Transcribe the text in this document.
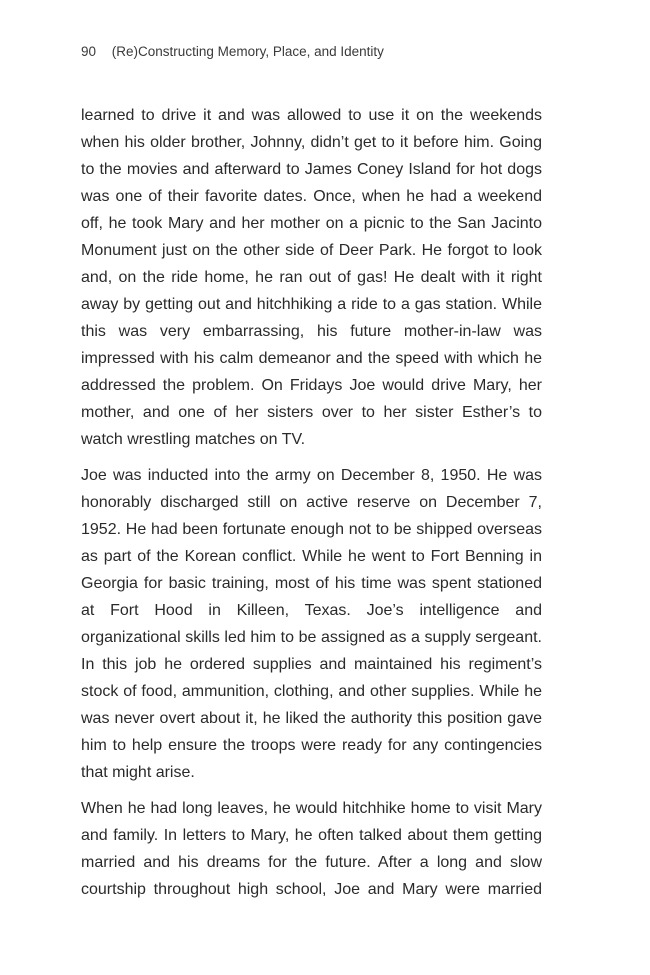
90 (Re)Constructing Memory, Place, and Identity

learned to drive it and was allowed to use it on the weekends when his older brother, Johnny, didn’t get to it before him. Going to the movies and afterward to James Coney Island for hot dogs was one of their favorite dates. Once, when he had a weekend off, he took Mary and her mother on a picnic to the San Jacinto Monument just on the other side of Deer Park. He forgot to look and, on the ride home, he ran out of gas! He dealt with it right away by getting out and hitchhiking a ride to a gas station. While this was very embarrassing, his future mother-in-law was impressed with his calm demeanor and the speed with which he addressed the problem. On Fridays Joe would drive Mary, her mother, and one of her sisters over to her sister Esther’s to watch wrestling matches on TV.

Joe was inducted into the army on December 8, 1950. He was honorably discharged still on active reserve on December 7, 1952. He had been fortunate enough not to be shipped overseas as part of the Korean conflict. While he went to Fort Benning in Georgia for basic training, most of his time was spent stationed at Fort Hood in Killeen, Texas. Joe’s intelligence and organizational skills led him to be assigned as a supply sergeant. In this job he ordered supplies and maintained his regiment’s stock of food, ammunition, clothing, and other supplies. While he was never overt about it, he liked the authority this position gave him to help ensure the troops were ready for any contingencies that might arise.

When he had long leaves, he would hitchhike home to visit Mary and family. In letters to Mary, he often talked about them getting married and his dreams for the future. After a long and slow courtship throughout high school, Joe and Mary were married
